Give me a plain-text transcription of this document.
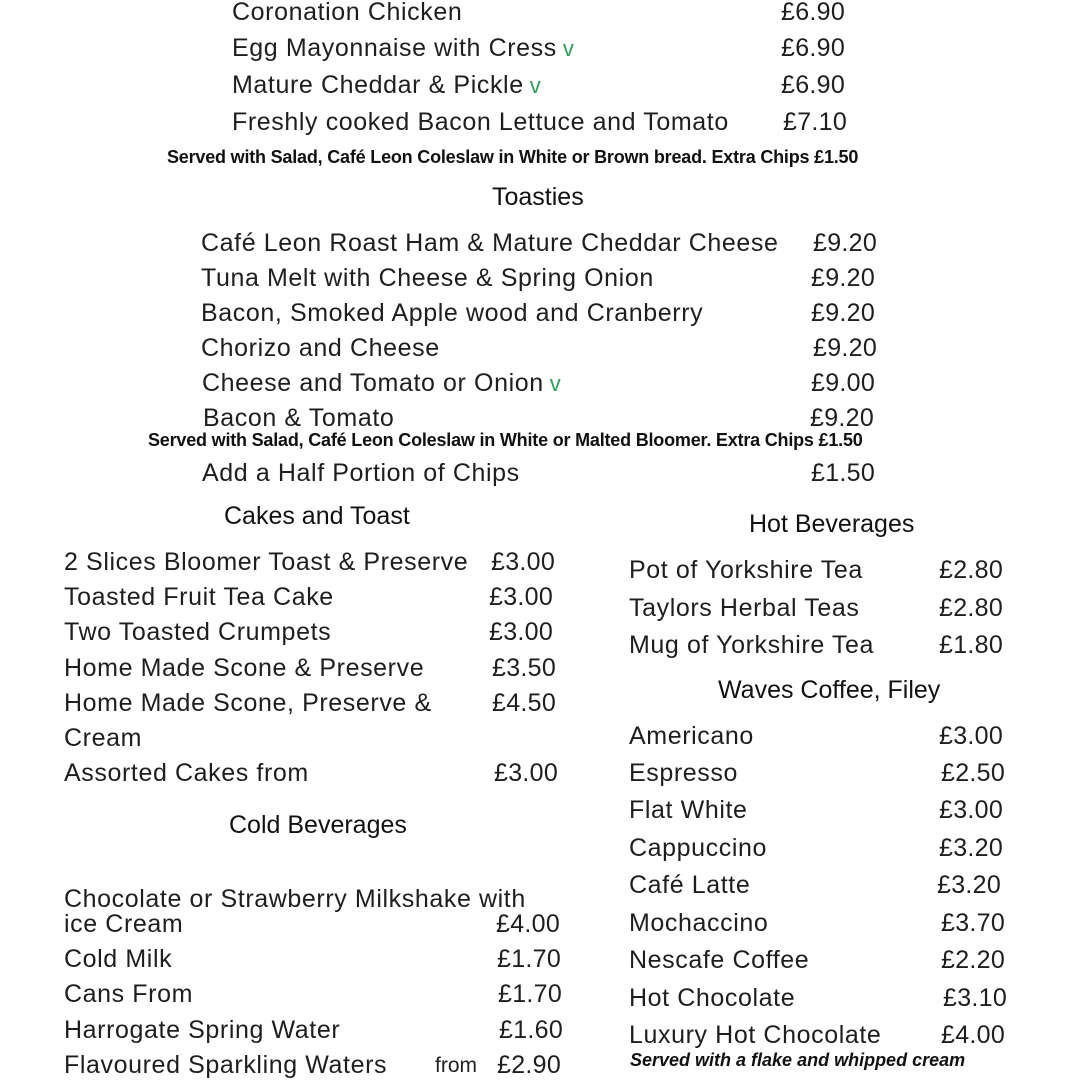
Coronation Chicken	£6.90
Egg Mayonnaise with Cress v	£6.90
Mature Cheddar & Pickle v	£6.90
Freshly cooked Bacon Lettuce and Tomato £7.10
Served with Salad, Café Leon Coleslaw in White or Brown bread. Extra Chips £1.50
Toasties
Café Leon Roast Ham & Mature Cheddar Cheese £9.20
Tuna Melt with Cheese & Spring Onion	£9.20
Bacon, Smoked Apple wood and Cranberry	£9.20
Chorizo and Cheese	£9.20
Cheese and Tomato or Onion v	£9.00
Bacon & Tomato	£9.20
Served with Salad, Café Leon Coleslaw in White or Malted Bloomer. Extra Chips £1.50
Add a Half Portion of Chips	£1.50
Cakes and Toast
2 Slices Bloomer Toast & Preserve £3.00
Toasted Fruit Tea Cake	£3.00
Two Toasted Crumpets	£3.00
Home Made Scone & Preserve	£3.50
Home Made Scone, Preserve & £4.50
Cream
Assorted Cakes from	£3.00
Cold Beverages
Chocolate or Strawberry Milkshake with
ice Cream	£4.00
Cold Milk	£1.70
Cans From	£1.70
Harrogate Spring Water	£1.60
Flavoured Sparkling Waters from £2.90
Hot Beverages
Pot of Yorkshire Tea	£2.80
Taylors Herbal Teas	£2.80
Mug of Yorkshire Tea	£1.80
Waves Coffee, Filey
Americano	£3.00
Espresso	£2.50
Flat White	£3.00
Cappuccino	£3.20
Café Latte	£3.20
Mochaccino	£3.70
Nescafe Coffee	£2.20
Hot Chocolate	£3.10
Luxury Hot Chocolate £4.00
Served with a flake and whipped cream
